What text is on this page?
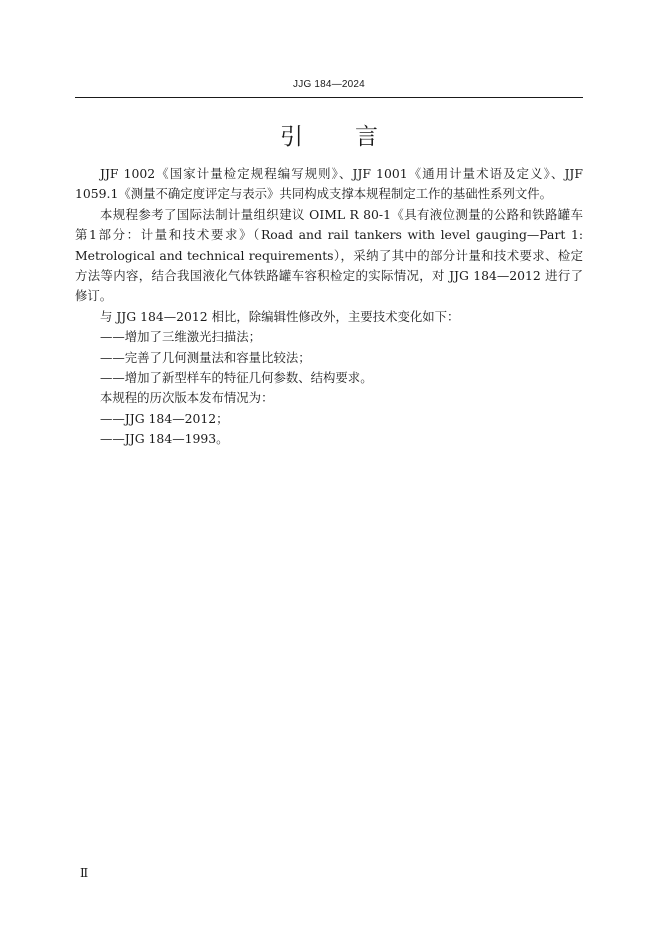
JJG 184—2024
引言

JJF 1002《国家计量检定规程编写规则》、JJF 1001《通用计量术语及定义》、JJF 1059.1《测量不确定度评定与表示》共同构成支撑本规程制定工作的基础性系列文件。

本规程参考了国际法制计量组织建议 OIML R 80-1《具有液位测量的公路和铁路罐车 第1部分：计量和技术要求》（Road and rail tankers with level gauging—Part 1: Metrological and technical requirements），采纳了其中的部分计量和技术要求、检定方法等内容，结合我国液化气体铁路罐车容积检定的实际情况，对 JJG 184—2012 进行了修订。

与 JJG 184—2012 相比，除编辑性修改外，主要技术变化如下：

——增加了三维激光扫描法；

——完善了几何测量法和容量比较法；

——增加了新型样车的特征几何参数、结构要求。

本规程的历次版本发布情况为：

——JJG 184—2012；

——JJG 184—1993。

Ⅱ
